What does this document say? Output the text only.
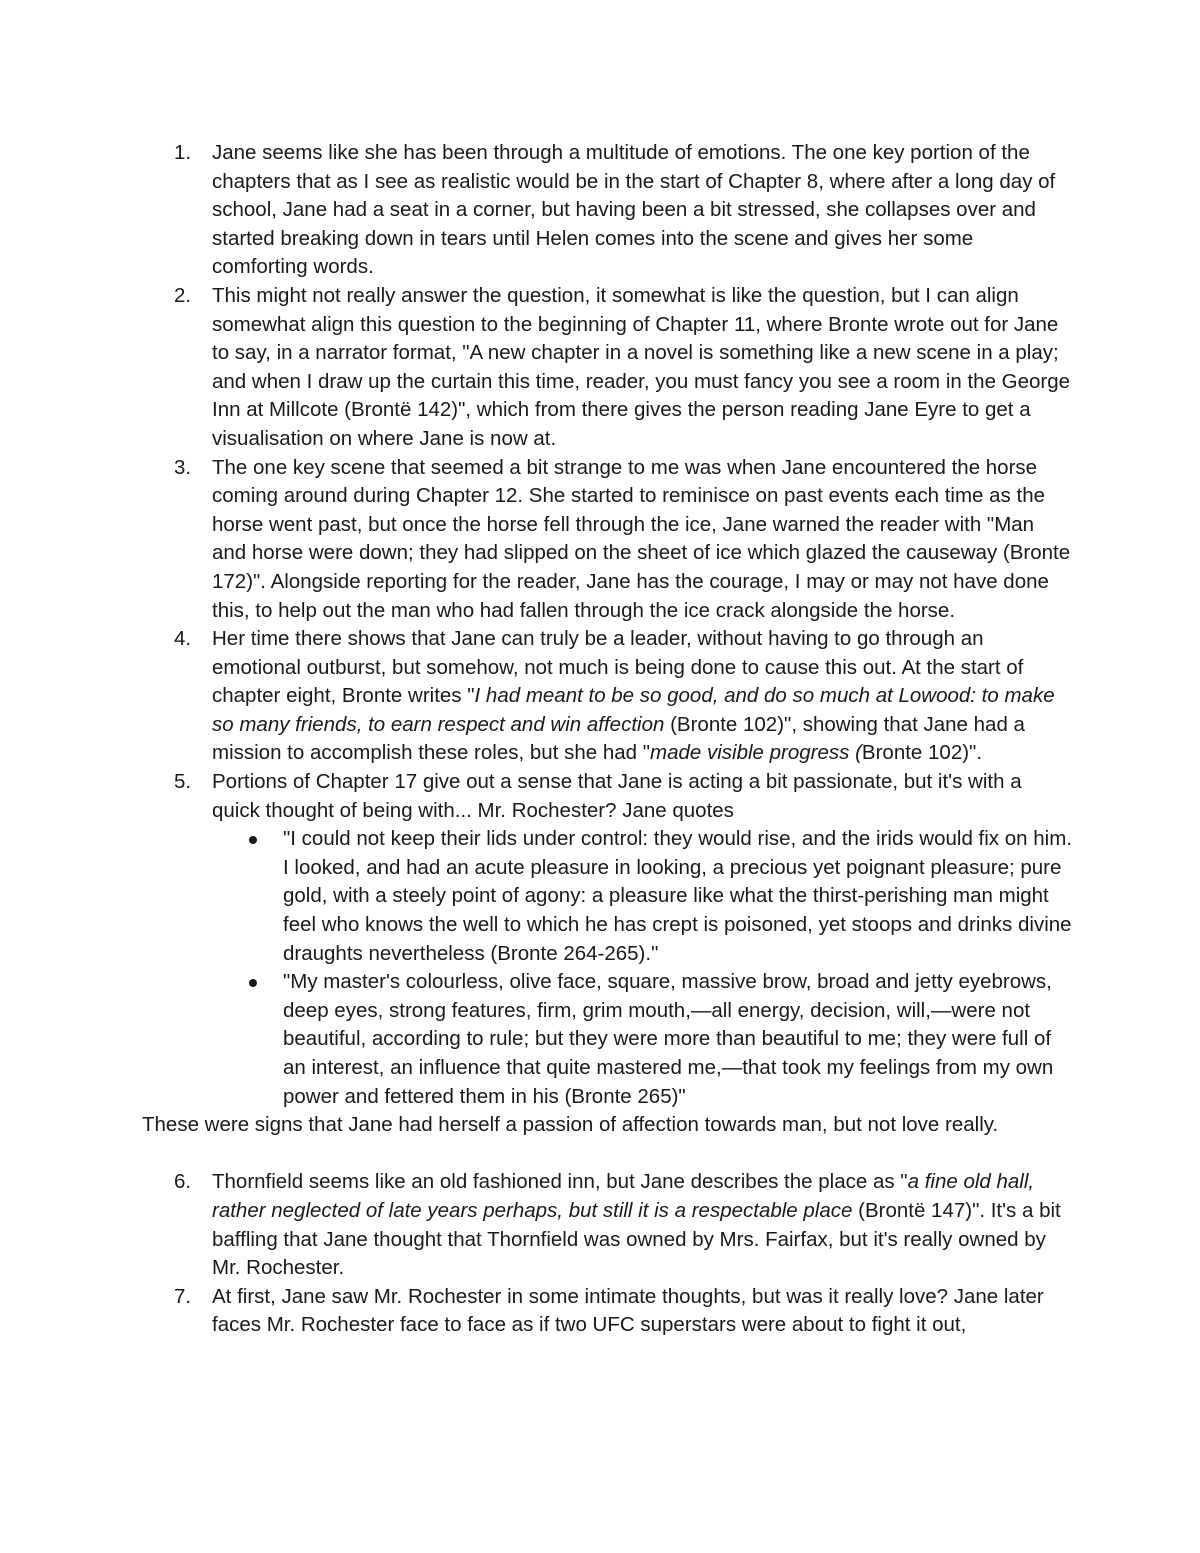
1.	Jane seems like she has been through a multitude of emotions. The one key portion of the chapters that as I see as realistic would be in the start of Chapter 8, where after a long day of school, Jane had a seat in a corner, but having been a bit stressed, she collapses over and started breaking down in tears until Helen comes into the scene and gives her some comforting words.

2.	This might not really answer the question, it somewhat is like the question, but I can align somewhat align this question to the beginning of Chapter 11, where Bronte wrote out for Jane to say, in a narrator format, "A new chapter in a novel is something like a new scene in a play; and when I draw up the curtain this time, reader, you must fancy you see a room in the George Inn at Millcote (Brontë 142)", which from there gives the person reading Jane Eyre to get a visualisation on where Jane is now at.

3.	The one key scene that seemed a bit strange to me was when Jane encountered the horse coming around during Chapter 12. She started to reminisce on past events each time as the horse went past, but once the horse fell through the ice, Jane warned the reader with "Man and horse were down; they had slipped on the sheet of ice which glazed the causeway (Bronte 172)". Alongside reporting for the reader, Jane has the courage, I may or may not have done this, to help out the man who had fallen through the ice crack alongside the horse.

4.	Her time there shows that Jane can truly be a leader, without having to go through an emotional outburst, but somehow, not much is being done to cause this out. At the start of chapter eight, Bronte writes "I had meant to be so good, and do so much at Lowood: to make so many friends, to earn respect and win affection (Bronte 102)", showing that Jane had a mission to accomplish these roles, but she had "made visible progress (Bronte 102)".

5.	Portions of Chapter 17 give out a sense that Jane is acting a bit passionate, but it's with a quick thought of being with... Mr. Rochester? Jane quotes

"I could not keep their lids under control: they would rise, and the irids would fix on him. I looked, and had an acute pleasure in looking, a precious yet poignant pleasure; pure gold, with a steely point of agony: a pleasure like what the thirst-perishing man might feel who knows the well to which he has crept is poisoned, yet stoops and drinks divine draughts nevertheless (Bronte 264-265)."

"My master's colourless, olive face, square, massive brow, broad and jetty eyebrows, deep eyes, strong features, firm, grim mouth,—all energy, decision, will,—were not beautiful, according to rule; but they were more than beautiful to me; they were full of an interest, an influence that quite mastered me,—that took my feelings from my own power and fettered them in his (Bronte 265)"

These were signs that Jane had herself a passion of affection towards man, but not love really.

6.	Thornfield seems like an old fashioned inn, but Jane describes the place as "a fine old hall, rather neglected of late years perhaps, but still it is a respectable place (Brontë 147)". It's a bit baffling that Jane thought that Thornfield was owned by Mrs. Fairfax, but it's really owned by Mr. Rochester.

7.	At first, Jane saw Mr. Rochester in some intimate thoughts, but was it really love? Jane later faces Mr. Rochester face to face as if two UFC superstars were about to fight it out,
